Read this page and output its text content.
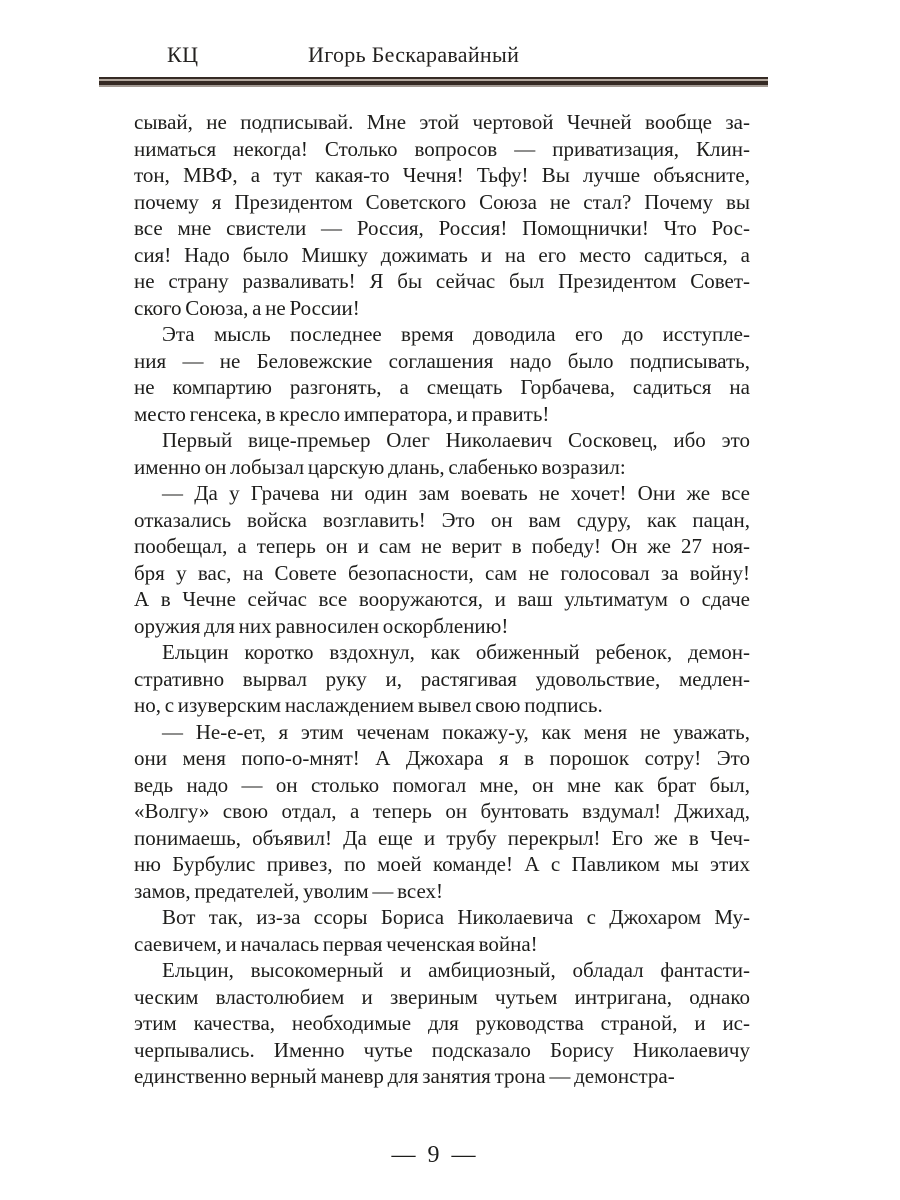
КЦ	Игорь Бескаравайный
сывай, не подписывай. Мне этой чертовой Чечней вообще за-
ниматься некогда! Столько вопросов — приватизация, Клин-
тон, МВФ, а тут какая-то Чечня! Тьфу! Вы лучше объясните,
почему я Президентом Советского Союза не стал? Почему вы
все мне свистели — Россия, Россия! Помощнички! Что Рос-
сия! Надо было Мишку дожимать и на его место садиться, а
не страну разваливать! Я бы сейчас был Президентом Совет-
ского Союза, а не России!
Эта мысль последнее время доводила его до исступле-
ния — не Беловежские соглашения надо было подписывать,
не компартию разгонять, а смещать Горбачева, садиться на
место генсека, в кресло императора, и править!
Первый вице-премьер Олег Николаевич Сосковец, ибо это
именно он лобызал царскую длань, слабенько возразил:
— Да у Грачева ни один зам воевать не хочет! Они же все
отказались войска возглавить! Это он вам сдуру, как пацан,
пообещал, а теперь он и сам не верит в победу! Он же 27 ноя-
бря у вас, на Совете безопасности, сам не голосовал за войну!
А в Чечне сейчас все вооружаются, и ваш ультиматум о сдаче
оружия для них равносилен оскорблению!
Ельцин коротко вздохнул, как обиженный ребенок, демон-
стративно вырвал руку и, растягивая удовольствие, медлен-
но, с изуверским наслаждением вывел свою подпись.
— Не-е-ет, я этим чеченам покажу-у, как меня не уважать,
они меня попо-о-мнят! А Джохара я в порошок сотру! Это
ведь надо — он столько помогал мне, он мне как брат был,
«Волгу» свою отдал, а теперь он бунтовать вздумал! Джихад,
понимаешь, объявил! Да еще и трубу перекрыл! Его же в Чеч-
ню Бурбулис привез, по моей команде! А с Павликом мы этих
замов, предателей, уволим — всех!
Вот так, из-за ссоры Бориса Николаевича с Джохаром Му-
саевичем, и началась первая чеченская война!
Ельцин, высокомерный и амбициозный, обладал фантасти-
ческим властолюбием и звериным чутьем интригана, однако
этим качества, необходимые для руководства страной, и ис-
черпывались. Именно чутье подсказало Борису Николаевичу
единственно верный маневр для занятия трона — демонстра-
— 9 —
